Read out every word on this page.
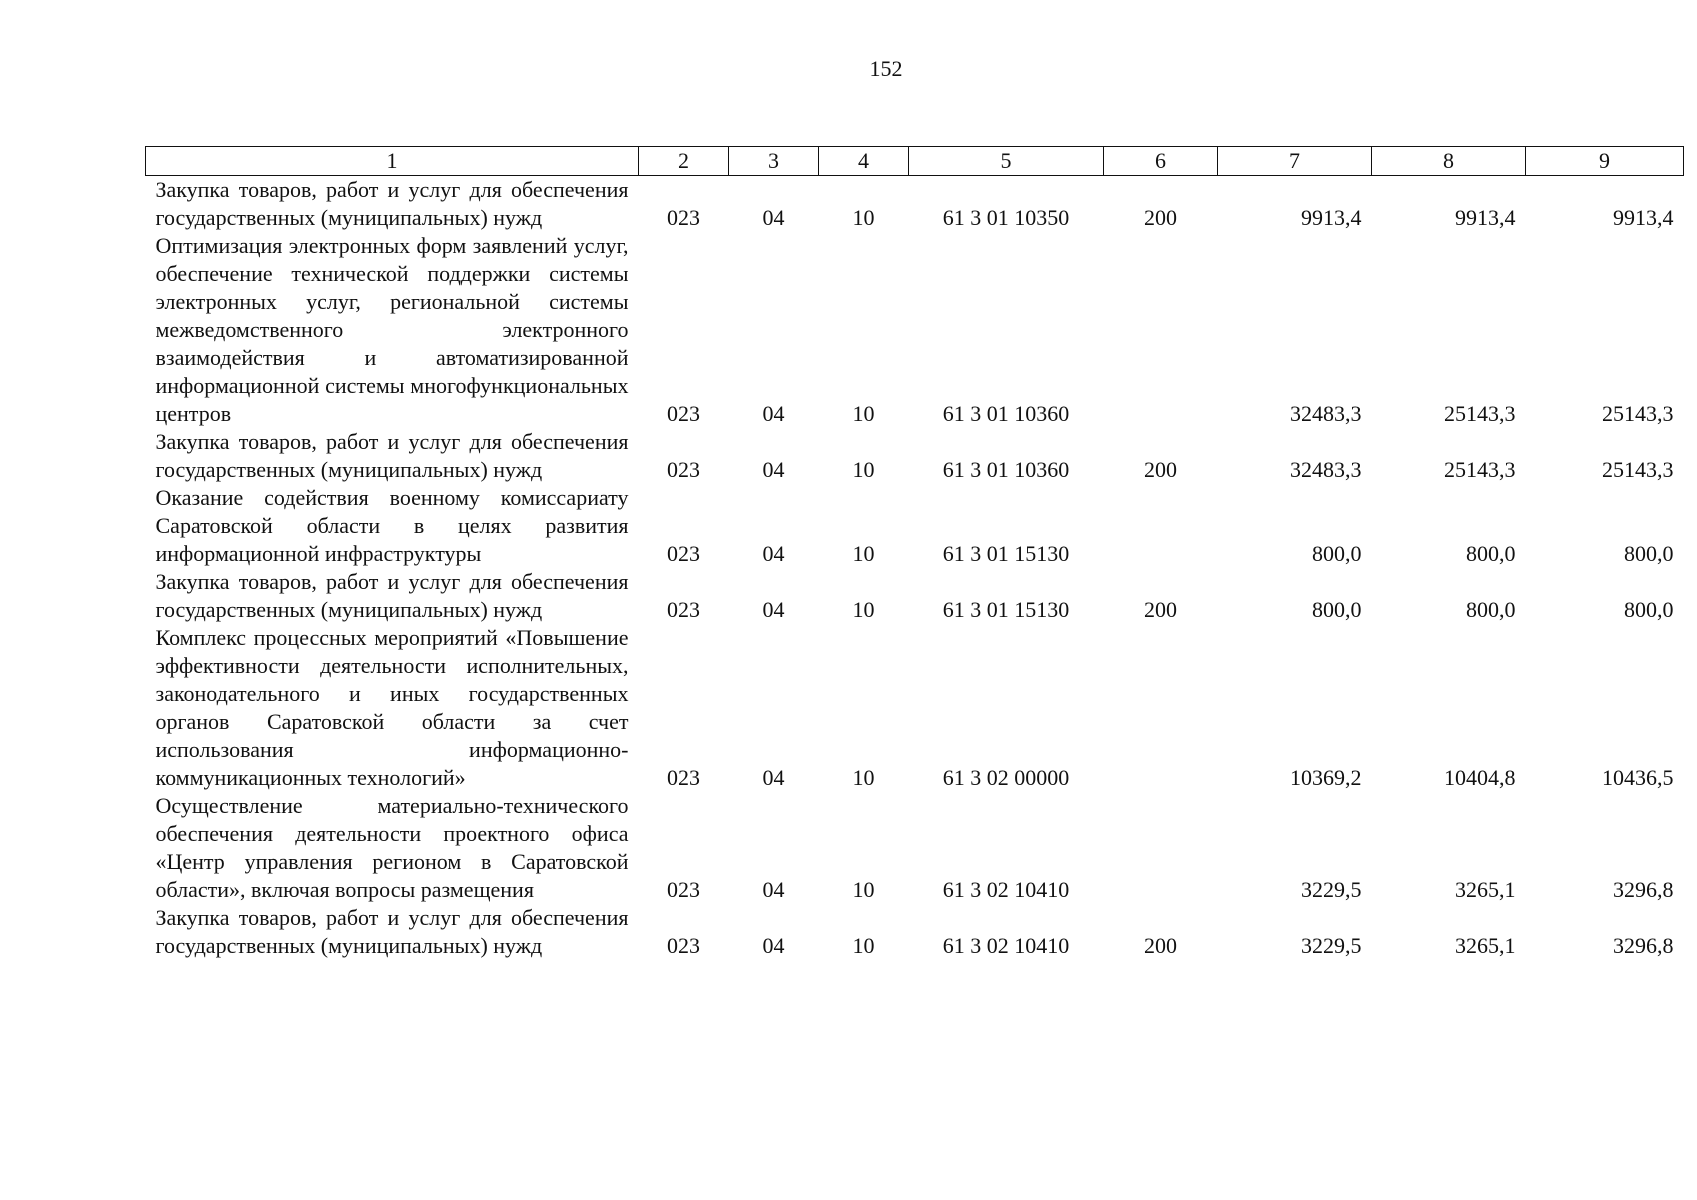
152
1	2	3	4	5	6	7	8	9
Закупка товаров, работ и услуг для обеспечения государственных (муниципальных) нужд	023	04	10	61 3 01 10350	200	9913,4	9913,4	9913,4
Оптимизация электронных форм заявлений услуг, обеспечение технической поддержки системы электронных услуг, региональной системы межведомственного электронного взаимодействия и автоматизированной информационной системы многофункциональных центров	023	04	10	61 3 01 10360		32483,3	25143,3	25143,3
Закупка товаров, работ и услуг для обеспечения государственных (муниципальных) нужд	023	04	10	61 3 01 10360	200	32483,3	25143,3	25143,3
Оказание содействия военному комиссариату Саратовской области в целях развития информационной инфраструктуры	023	04	10	61 3 01 15130		800,0	800,0	800,0
Закупка товаров, работ и услуг для обеспечения государственных (муниципальных) нужд	023	04	10	61 3 01 15130	200	800,0	800,0	800,0
Комплекс процессных мероприятий «Повышение эффективности деятельности исполнительных, законодательного и иных государственных органов Саратовской области за счет использования информационно-коммуникационных технологий»	023	04	10	61 3 02 00000		10369,2	10404,8	10436,5
Осуществление материально-технического обеспечения деятельности проектного офиса «Центр управления регионом в Саратовской области», включая вопросы размещения	023	04	10	61 3 02 10410		3229,5	3265,1	3296,8
Закупка товаров, работ и услуг для обеспечения государственных (муниципальных) нужд	023	04	10	61 3 02 10410	200	3229,5	3265,1	3296,8
